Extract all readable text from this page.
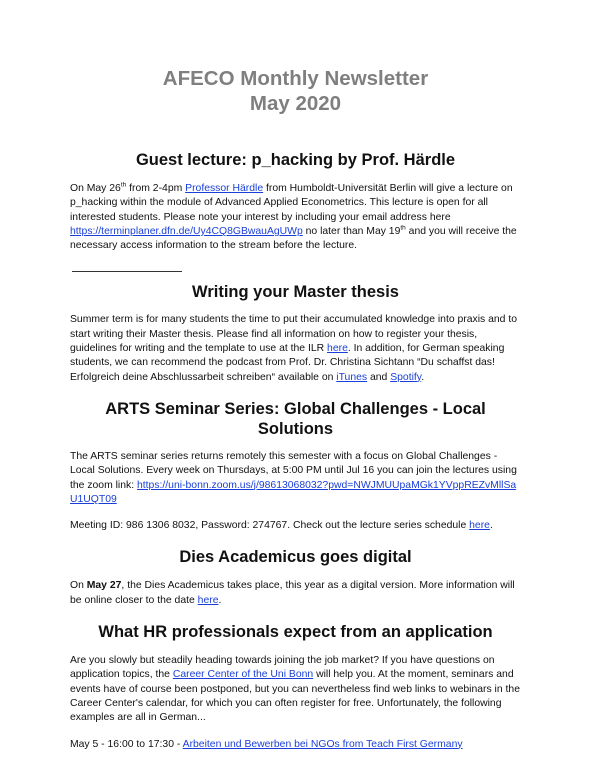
AFECO Monthly Newsletter
May 2020
Guest lecture: p_hacking by Prof. Härdle

On May 26th from 2-4pm Professor Härdle from Humboldt-Universität Berlin will give a lecture on p_hacking within the module of Advanced Applied Econometrics. This lecture is open for all interested students. Please note your interest by including your email address here https://terminplaner.dfn.de/Uy4CQ8GBwauAgUWp no later than May 19th and you will receive the necessary access information to the stream before the lecture.

Writing your Master thesis

Summer term is for many students the time to put their accumulated knowledge into praxis and to start writing their Master thesis. Please find all information on how to register your thesis, guidelines for writing and the template to use at the ILR here. In addition, for German speaking students, we can recommend the podcast from Prof. Dr. Christina Sichtann “Du schaffst das! Erfolgreich deine Abschlussarbeit schreiben“ available on iTunes and Spotify.

ARTS Seminar Series: Global Challenges - Local Solutions

The ARTS seminar series returns remotely this semester with a focus on Global Challenges - Local Solutions. Every week on Thursdays, at 5:00 PM until Jul 16 you can join the lectures using the zoom link: https://uni-bonn.zoom.us/j/98613068032?pwd=NWJMUUpaMGk1YVppREZvMllSaU1UQT09

Meeting ID: 986 1306 8032, Password: 274767. Check out the lecture series schedule here.

Dies Academicus goes digital

On May 27, the Dies Academicus takes place, this year as a digital version. More information will be online closer to the date here.

What HR professionals expect from an application

Are you slowly but steadily heading towards joining the job market? If you have questions on application topics, the Career Center of the Uni Bonn will help you. At the moment, seminars and events have of course been postponed, but you can nevertheless find web links to webinars in the Career Center's calendar, for which you can often register for free. Unfortunately, the following examples are all in German...

May 5 - 16:00 to 17:30 - Arbeiten und Bewerben bei NGOs from Teach First Germany
